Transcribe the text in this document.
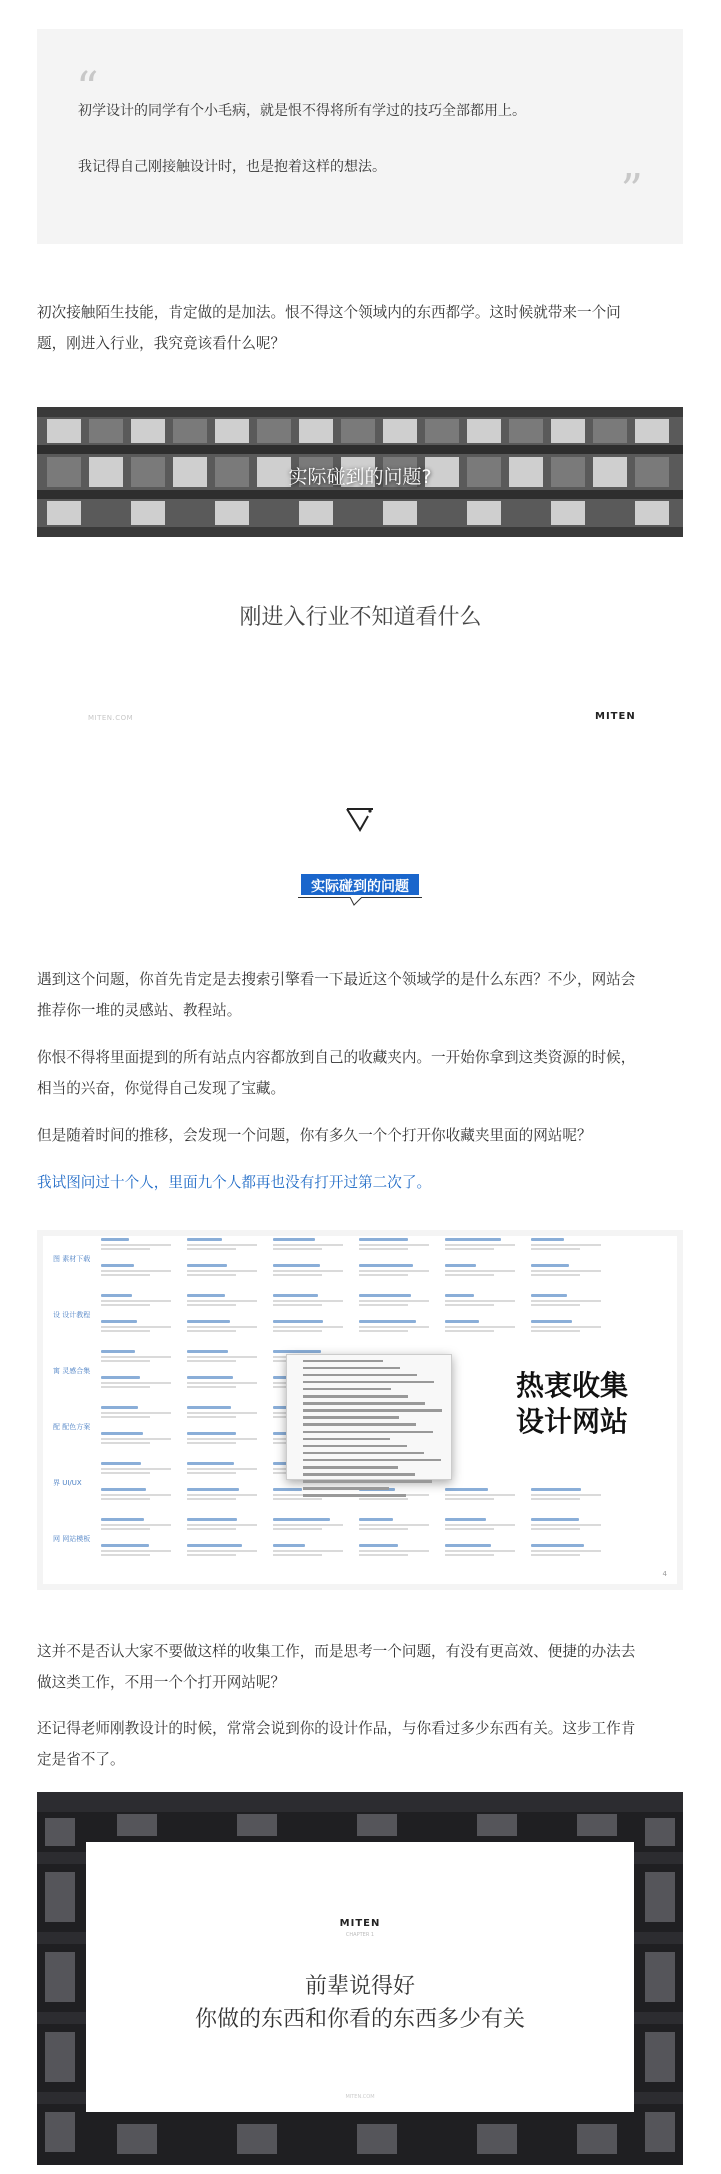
“
初学设计的同学有个小毛病，就是恨不得将所有学过的技巧全部都用上。
我记得自己刚接触设计时，也是抱着这样的想法。	”
初次接触陌生技能，肯定做的是加法。恨不得这个领域内的东西都学。这时候就带来一个问
题，刚进入行业，我究竟该看什么呢？
实际碰到的问题?
刚进入行业不知道看什么
MITEN.COM	MITEN
实际碰到的问题
遇到这个问题，你首先肯定是去搜索引擎看一下最近这个领域学的是什么东西？不少，网站会
推荐你一堆的灵感站、教程站。
你恨不得将里面提到的所有站点内容都放到自己的收藏夹内。一开始你拿到这类资源的时候，
相当的兴奋，你觉得自己发现了宝藏。
但是随着时间的推移，会发现一个问题，你有多久一个个打开你收藏夹里面的网站呢？
我试图问过十个人，里面九个人都再也没有打开过第二次了。
网 网站模板
界 UI/UX
配 配色方案
寓 灵感合集
设 设计教程
图 素材下载
热衷收集
设计网站
4
这并不是否认大家不要做这样的收集工作，而是思考一个问题，有没有更高效、便捷的办法去
做这类工作，不用一个个打开网站呢？
还记得老师刚教设计的时候，常常会说到你的设计作品，与你看过多少东西有关。这步工作肯
定是省不了。
MITEN
CHAPTER 1
前辈说得好
你做的东西和你看的东西多少有关
MITEN.COM
